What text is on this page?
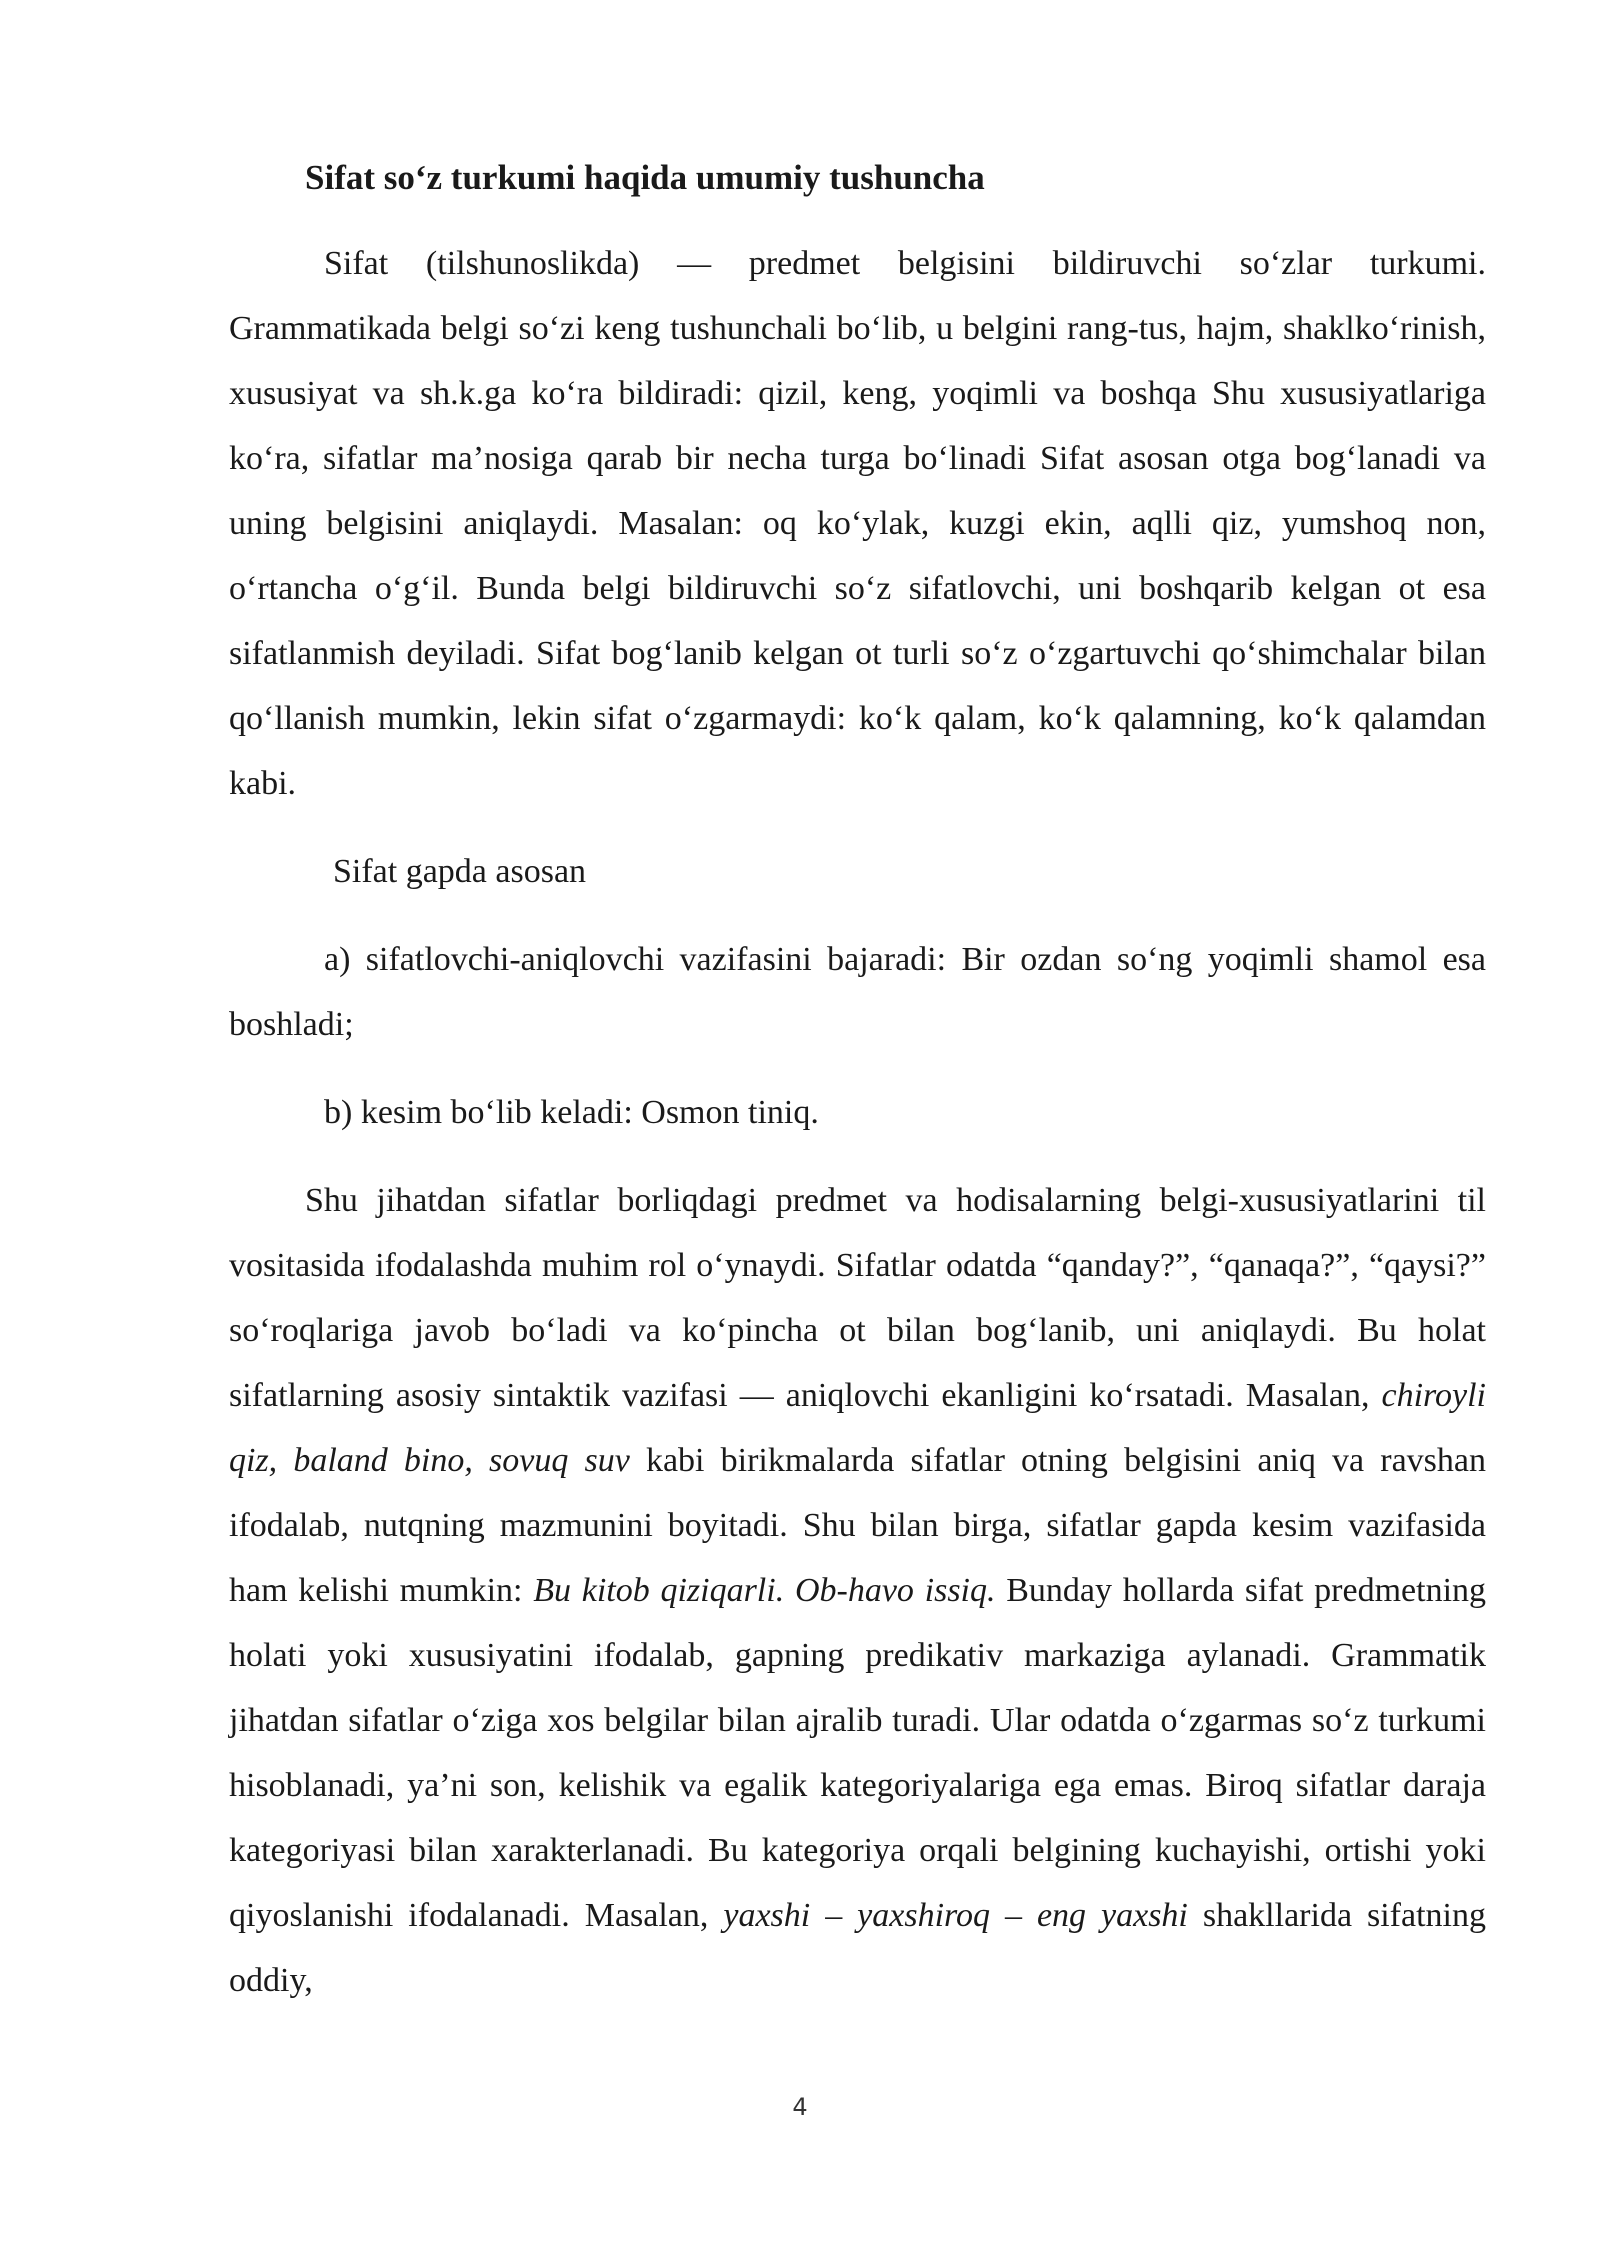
Sifat so‘z turkumi haqida umumiy tushuncha

Sifat (tilshunoslikda) — predmet belgisini bildiruvchi so‘zlar turkumi. Grammatikada belgi so‘zi keng tushunchali bo‘lib, u belgini rang-tus, hajm, shaklko‘rinish, xususiyat va sh.k.ga ko‘ra bildiradi: qizil, keng, yoqimli va boshqa Shu xususiyatlariga ko‘ra, sifatlar ma’nosiga qarab bir necha turga bo‘linadi Sifat asosan otga bog‘lanadi va uning belgisini aniqlaydi. Masalan: oq ko‘ylak, kuzgi ekin, aqlli qiz, yumshoq non, o‘rtancha o‘g‘il. Bunda belgi bildiruvchi so‘z sifatlovchi, uni boshqarib kelgan ot esa sifatlanmish deyiladi. Sifat bog‘lanib kelgan ot turli so‘z o‘zgartuvchi qo‘shimchalar bilan qo‘llanish mumkin, lekin sifat o‘zgarmaydi: ko‘k qalam, ko‘k qalamning, ko‘k qalamdan kabi.

Sifat gapda asosan

a) sifatlovchi-aniqlovchi vazifasini bajaradi: Bir ozdan so‘ng yoqimli shamol esa boshladi;

b) kesim bo‘lib keladi: Osmon tiniq.

Shu jihatdan sifatlar borliqdagi predmet va hodisalarning belgi-xususiyatlarini til vositasida ifodalashda muhim rol o‘ynaydi. Sifatlar odatda “qanday?”, “qanaqa?”, “qaysi?” so‘roqlariga javob bo‘ladi va ko‘pincha ot bilan bog‘lanib, uni aniqlaydi. Bu holat sifatlarning asosiy sintaktik vazifasi — aniqlovchi ekanligini ko‘rsatadi. Masalan, chiroyli qiz, baland bino, sovuq suv kabi birikmalarda sifatlar otning belgisini aniq va ravshan ifodalab, nutqning mazmunini boyitadi. Shu bilan birga, sifatlar gapda kesim vazifasida ham kelishi mumkin: Bu kitob qiziqarli. Ob-havo issiq. Bunday hollarda sifat predmetning holati yoki xususiyatini ifodalab, gapning predikativ markaziga aylanadi. Grammatik jihatdan sifatlar o‘ziga xos belgilar bilan ajralib turadi. Ular odatda o‘zgarmas so‘z turkumi hisoblanadi, ya’ni son, kelishik va egalik kategoriyalariga ega emas. Biroq sifatlar daraja kategoriyasi bilan xarakterlanadi. Bu kategoriya orqali belgining kuchayishi, ortishi yoki qiyoslanishi ifodalanadi. Masalan, yaxshi – yaxshiroq – eng yaxshi shakllarida sifatning oddiy,

4
